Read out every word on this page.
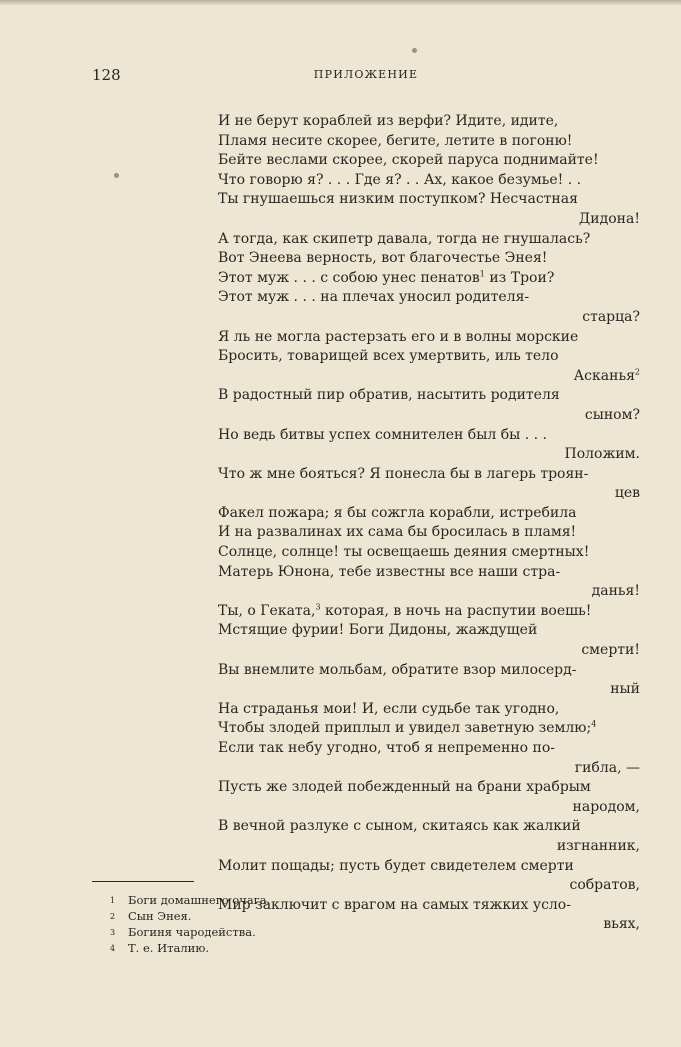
128	ПРИЛОЖЕНИЕ
И не берут кораблей из верфи? Идите, идите,
Пламя несите скорее, бегите, летите в погоню!
Бейте веслами скорее, скорей паруса поднимайте!
Что говорю я? . . . Где я? . . Ах, какое безумье! . .
Ты гнушаешься низким поступком? Несчастная
Дидона!
А тогда, как скипетр давала, тогда не гнушалась?
Вот Энеева верность, вот благочестье Энея!
Этот муж . . . с собою унес пенатов$^1$ из Трои?
Этот муж . . . на плечах уносил родителя-
старца?
Я ль не могла растерзать его и в волны морские
Бросить, товарищей всех умертвить, иль тело
Асканья$^2$
В радостный пир обратив, насытить родителя
сыном?
Но ведь битвы успех сомнителен был бы . . .
Положим.
Что ж мне бояться? Я понесла бы в лагерь троян-
цев
Факел пожара; я бы сожгла корабли, истребила
И на развалинах их сама бы бросилась в пламя!
Солнце, солнце! ты освещаешь деяния смертных!
Матерь Юнона, тебе известны все наши стра-
данья!
Ты, о Геката,$^3$ которая, в ночь на распутии воешь!
Мстящие фурии! Боги Дидоны, жаждущей
смерти!
Вы внемлите мольбам, обратите взор милосерд-
ный
На страданья мои! И, если судьбе так угодно,
Чтобы злодей приплыл и увидел заветную землю;$^4$
Если так небу угодно, чтоб я непременно по-
гибла, —
Пусть же злодей побежденный на брани храбрым
народом,
В вечной разлуке с сыном, скитаясь как жалкий
изгнанник,
Молит пощады; пусть будет свидетелем смерти
собратов,
Мир заключит с врагом на самых тяжких усло-
вьях,
1 Боги домашнего очага.
2 Сын Энея.
3 Богиня чародейства.
4 Т. е. Италию.
